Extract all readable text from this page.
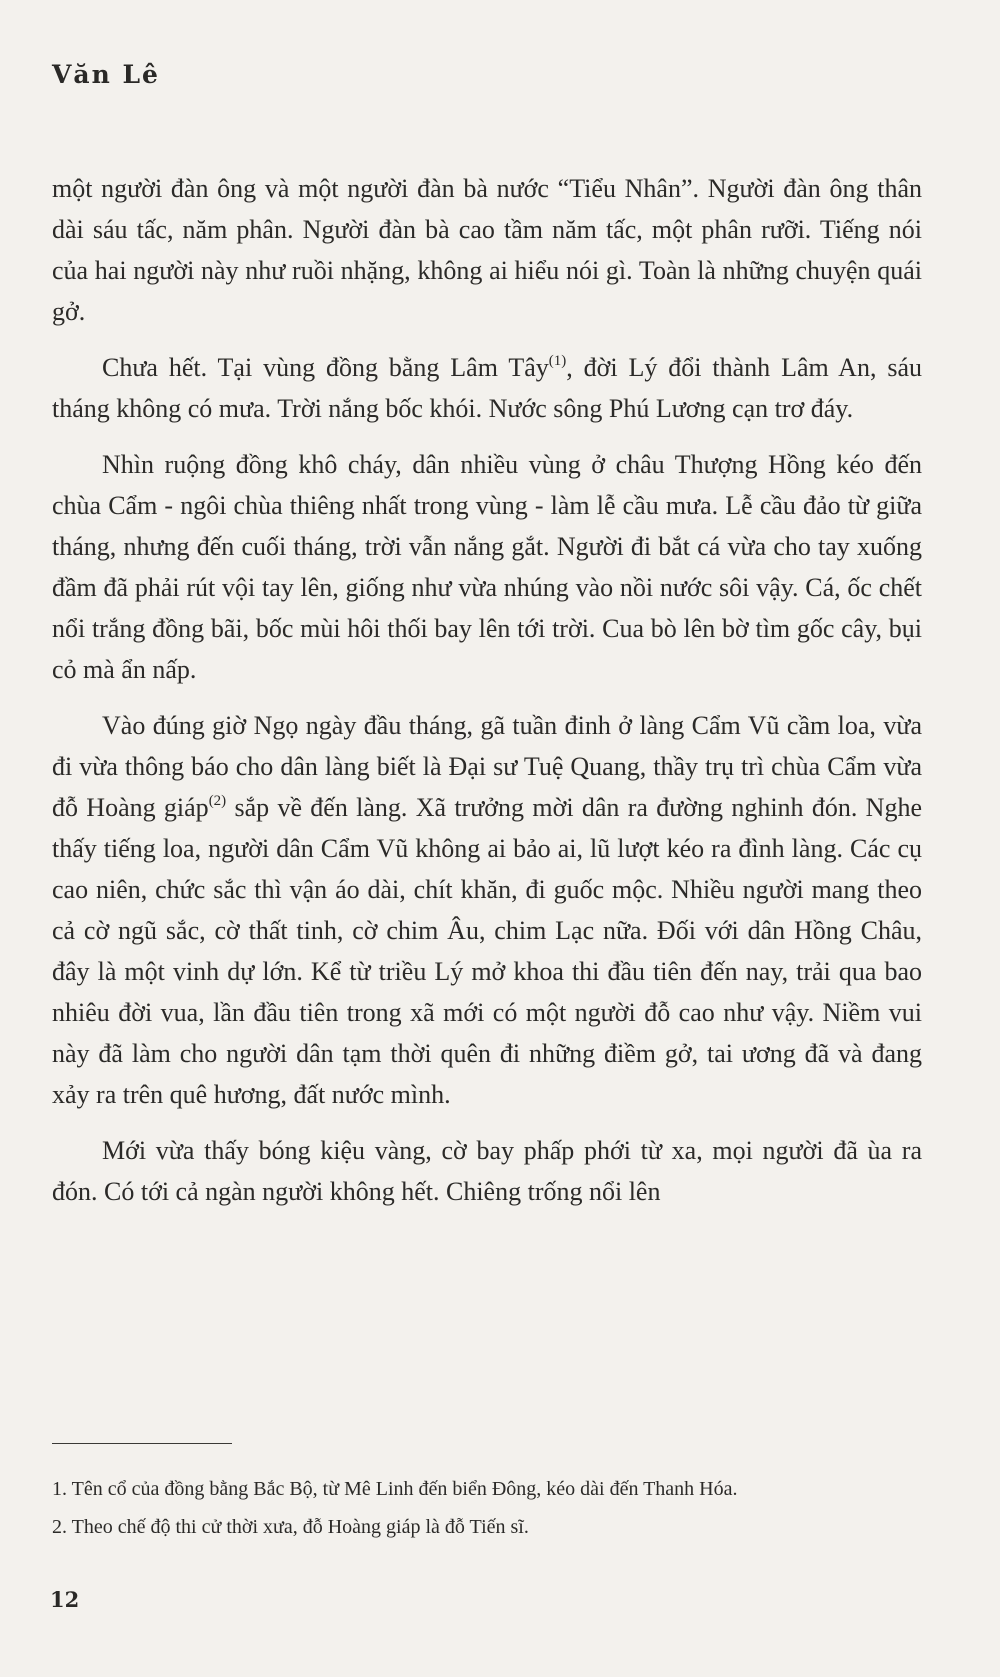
Văn Lê

một người đàn ông và một người đàn bà nước “Tiểu Nhân”. Người đàn ông thân dài sáu tấc, năm phân. Người đàn bà cao tầm năm tấc, một phân rưỡi. Tiếng nói của hai người này như ruồi nhặng, không ai hiểu nói gì. Toàn là những chuyện quái gở.

Chưa hết. Tại vùng đồng bằng Lâm Tây$^{(1)}$, đời Lý đổi thành Lâm An, sáu tháng không có mưa. Trời nắng bốc khói. Nước sông Phú Lương cạn trơ đáy.

Nhìn ruộng đồng khô cháy, dân nhiều vùng ở châu Thượng Hồng kéo đến chùa Cẩm - ngôi chùa thiêng nhất trong vùng - làm lễ cầu mưa. Lễ cầu đảo từ giữa tháng, nhưng đến cuối tháng, trời vẫn nắng gắt. Người đi bắt cá vừa cho tay xuống đầm đã phải rút vội tay lên, giống như vừa nhúng vào nồi nước sôi vậy. Cá, ốc chết nổi trắng đồng bãi, bốc mùi hôi thối bay lên tới trời. Cua bò lên bờ tìm gốc cây, bụi cỏ mà ẩn nấp.

Vào đúng giờ Ngọ ngày đầu tháng, gã tuần đinh ở làng Cẩm Vũ cầm loa, vừa đi vừa thông báo cho dân làng biết là Đại sư Tuệ Quang, thầy trụ trì chùa Cẩm vừa đỗ Hoàng giáp$^{(2)}$ sắp về đến làng. Xã trưởng mời dân ra đường nghinh đón. Nghe thấy tiếng loa, người dân Cẩm Vũ không ai bảo ai, lũ lượt kéo ra đình làng. Các cụ cao niên, chức sắc thì vận áo dài, chít khăn, đi guốc mộc. Nhiều người mang theo cả cờ ngũ sắc, cờ thất tinh, cờ chim Âu, chim Lạc nữa. Đối với dân Hồng Châu, đây là một vinh dự lớn. Kể từ triều Lý mở khoa thi đầu tiên đến nay, trải qua bao nhiêu đời vua, lần đầu tiên trong xã mới có một người đỗ cao như vậy. Niềm vui này đã làm cho người dân tạm thời quên đi những điềm gở, tai ương đã và đang xảy ra trên quê hương, đất nước mình.

Mới vừa thấy bóng kiệu vàng, cờ bay phấp phới từ xa, mọi người đã ùa ra đón. Có tới cả ngàn người không hết. Chiêng trống nổi lên

1. Tên cổ của đồng bằng Bắc Bộ, từ Mê Linh đến biển Đông, kéo dài đến Thanh Hóa.
2. Theo chế độ thi cử thời xưa, đỗ Hoàng giáp là đỗ Tiến sĩ.
12
